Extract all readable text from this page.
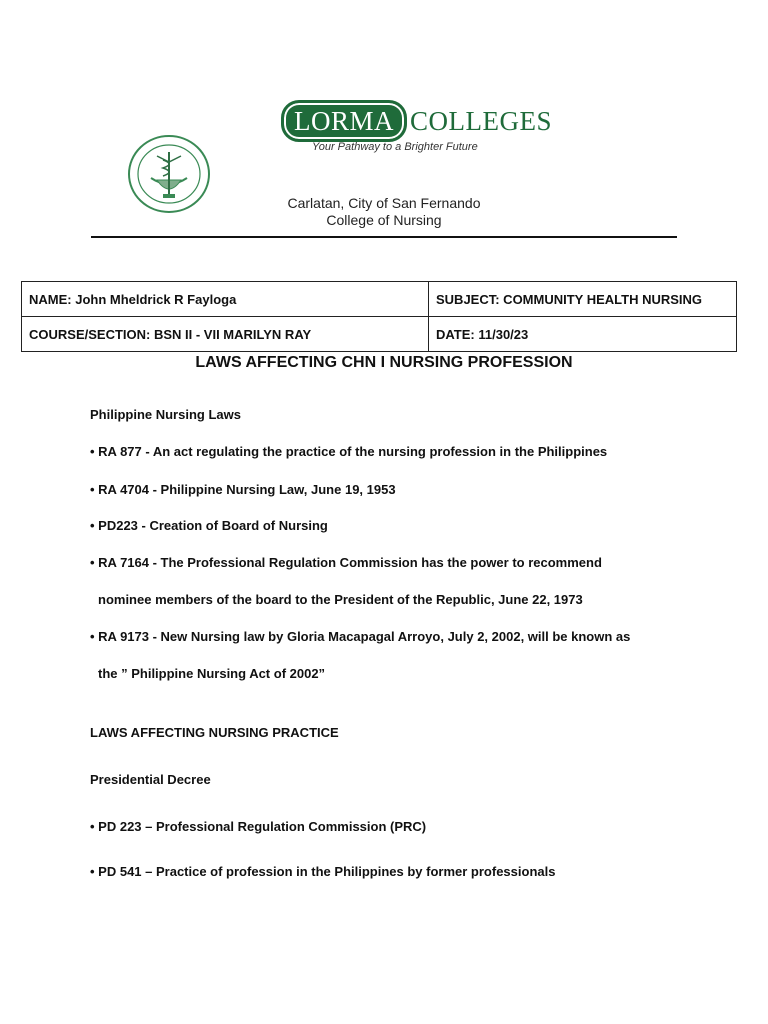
LORMA COLLEGES
Your Pathway to a Brighter Future
Carlatan, City of San Fernando
College of Nursing
NAME: John Mheldrick R Fayloga	SUBJECT: COMMUNITY HEALTH NURSING
COURSE/SECTION: BSN II - VII MARILYN RAY	DATE: 11/30/23
LAWS AFFECTING CHN I NURSING PROFESSION
Philippine Nursing Laws
• RA 877 - An act regulating the practice of the nursing profession in the Philippines
• RA 4704 - Philippine Nursing Law, June 19, 1953
• PD223 - Creation of Board of Nursing
• RA 7164 - The Professional Regulation Commission has the power to recommend
nominee members of the board to the President of the Republic, June 22, 1973
• RA 9173 - New Nursing law by Gloria Macapagal Arroyo, July 2, 2002, will be known as
the ” Philippine Nursing Act of 2002”
LAWS AFFECTING NURSING PRACTICE
Presidential Decree
• PD 223 – Professional Regulation Commission (PRC)
• PD 541 – Practice of profession in the Philippines by former professionals
